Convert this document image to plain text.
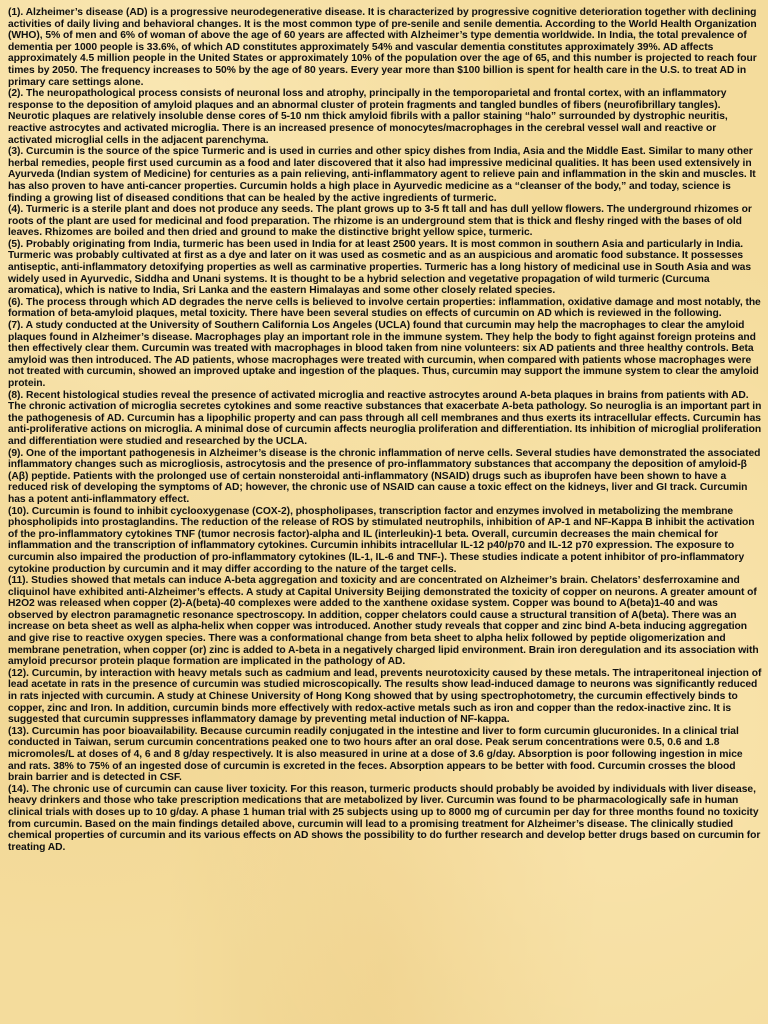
(1). Alzheimer’s disease (AD) is a progressive neurodegenerative disease. It is characterized by progressive cognitive deterioration together with declining activities of daily living and behavioral changes. It is the most common type of pre-senile and senile dementia. According to the World Health Organization (WHO), 5% of men and 6% of woman of above the age of 60 years are affected with Alzheimer’s type dementia worldwide. In India, the total prevalence of dementia per 1000 people is 33.6%, of which AD constitutes approximately 54% and vascular dementia constitutes approximately 39%. AD affects approximately 4.5 million people in the United States or approximately 10% of the population over the age of 65, and this number is projected to reach four times by 2050. The frequency increases to 50% by the age of 80 years. Every year more than $100 billion is spent for health care in the U.S. to treat AD in primary care settings alone.

(2). The neuropathological process consists of neuronal loss and atrophy, principally in the temporoparietal and frontal cortex, with an inflammatory response to the deposition of amyloid plaques and an abnormal cluster of protein fragments and tangled bundles of fibers (neurofibrillary tangles). Neurotic plaques are relatively insoluble dense cores of 5-10 nm thick amyloid fibrils with a pallor staining “halo” surrounded by dystrophic neuritis, reactive astrocytes and activated microglia. There is an increased presence of monocytes/macrophages in the cerebral vessel wall and reactive or activated microglial cells in the adjacent parenchyma.

(3). Curcumin is the source of the spice Turmeric and is used in curries and other spicy dishes from India, Asia and the Middle East. Similar to many other herbal remedies, people first used curcumin as a food and later discovered that it also had impressive medicinal qualities. It has been used extensively in Ayurveda (Indian system of Medicine) for centuries as a pain relieving, anti-inflammatory agent to relieve pain and inflammation in the skin and muscles. It has also proven to have anti-cancer properties. Curcumin holds a high place in Ayurvedic medicine as a “cleanser of the body,” and today, science is finding a growing list of diseased conditions that can be healed by the active ingredients of turmeric.

(4). Turmeric is a sterile plant and does not produce any seeds. The plant grows up to 3-5 ft tall and has dull yellow flowers. The underground rhizomes or roots of the plant are used for medicinal and food preparation. The rhizome is an underground stem that is thick and fleshy ringed with the bases of old leaves. Rhizomes are boiled and then dried and ground to make the distinctive bright yellow spice, turmeric.

(5). Probably originating from India, turmeric has been used in India for at least 2500 years. It is most common in southern Asia and particularly in India. Turmeric was probably cultivated at first as a dye and later on it was used as cosmetic and as an auspicious and aromatic food substance. It possesses antiseptic, anti-inflammatory detoxifying properties as well as carminative properties. Turmeric has a long history of medicinal use in South Asia and was widely used in Ayurvedic, Siddha and Unani systems. It is thought to be a hybrid selection and vegetative propagation of wild turmeric (Curcuma aromatica), which is native to India, Sri Lanka and the eastern Himalayas and some other closely related species.

(6). The process through which AD degrades the nerve cells is believed to involve certain properties: inflammation, oxidative damage and most notably, the formation of beta-amyloid plaques, metal toxicity. There have been several studies on effects of curcumin on AD which is reviewed in the following.

(7). A study conducted at the University of Southern California Los Angeles (UCLA) found that curcumin may help the macrophages to clear the amyloid plaques found in Alzheimer’s disease. Macrophages play an important role in the immune system. They help the body to fight against foreign proteins and then effectively clear them. Curcumin was treated with macrophages in blood taken from nine volunteers: six AD patients and three healthy controls. Beta amyloid was then introduced. The AD patients, whose macrophages were treated with curcumin, when compared with patients whose macrophages were not treated with curcumin, showed an improved uptake and ingestion of the plaques. Thus, curcumin may support the immune system to clear the amyloid protein.

(8). Recent histological studies reveal the presence of activated microglia and reactive astrocytes around A-beta plaques in brains from patients with AD. The chronic activation of microglia secretes cytokines and some reactive substances that exacerbate A-beta pathology. So neuroglia is an important part in the pathogenesis of AD. Curcumin has a lipophilic property and can pass through all cell membranes and thus exerts its intracellular effects. Curcumin has anti-proliferative actions on microglia. A minimal dose of curcumin affects neuroglia proliferation and differentiation. Its inhibition of microglial proliferation and differentiation were studied and researched by the UCLA.

(9). One of the important pathogenesis in Alzheimer’s disease is the chronic inflammation of nerve cells. Several studies have demonstrated the associated inflammatory changes such as microgliosis, astrocytosis and the presence of pro-inflammatory substances that accompany the deposition of amyloid-β (Aβ) peptide. Patients with the prolonged use of certain nonsteroidal anti-inflammatory (NSAID) drugs such as ibuprofen have been shown to have a reduced risk of developing the symptoms of AD; however, the chronic use of NSAID can cause a toxic effect on the kidneys, liver and GI track. Curcumin has a potent anti-inflammatory effect.

(10). Curcumin is found to inhibit cyclooxygenase (COX-2), phospholipases, transcription factor and enzymes involved in metabolizing the membrane phospholipids into prostaglandins. The reduction of the release of ROS by stimulated neutrophils, inhibition of AP-1 and NF-Kappa B inhibit the activation of the pro-inflammatory cytokines TNF (tumor necrosis factor)-alpha and IL (interleukin)-1 beta. Overall, curcumin decreases the main chemical for inflammation and the transcription of inflammatory cytokines. Curcumin inhibits intracellular IL-12 p40/p70 and IL-12 p70 expression. The exposure to curcumin also impaired the production of pro-inflammatory cytokines (IL-1, IL-6 and TNF-). These studies indicate a potent inhibitor of pro-inflammatory cytokine production by curcumin and it may differ according to the nature of the target cells.

(11). Studies showed that metals can induce A-beta aggregation and toxicity and are concentrated on Alzheimer’s brain. Chelators’ desferroxamine and cliquinol have exhibited anti-Alzheimer’s effects. A study at Capital University Beijing demonstrated the toxicity of copper on neurons. A greater amount of H2O2 was released when copper (2)-A(beta)-40 complexes were added to the xanthene oxidase system. Copper was bound to A(beta)1-40 and was observed by electron paramagnetic resonance spectroscopy. In addition, copper chelators could cause a structural transition of A(beta). There was an increase on beta sheet as well as alpha-helix when copper was introduced. Another study reveals that copper and zinc bind A-beta inducing aggregation and give rise to reactive oxygen species. There was a conformational change from beta sheet to alpha helix followed by peptide oligomerization and membrane penetration, when copper (or) zinc is added to A-beta in a negatively charged lipid environment. Brain iron deregulation and its association with amyloid precursor protein plaque formation are implicated in the pathology of AD.

(12). Curcumin, by interaction with heavy metals such as cadmium and lead, prevents neurotoxicity caused by these metals. The intraperitoneal injection of lead acetate in rats in the presence of curcumin was studied microscopically. The results show lead-induced damage to neurons was significantly reduced in rats injected with curcumin. A study at Chinese University of Hong Kong showed that by using spectrophotometry, the curcumin effectively binds to copper, zinc and Iron. In addition, curcumin binds more effectively with redox-active metals such as iron and copper than the redox-inactive zinc. It is suggested that curcumin suppresses inflammatory damage by preventing metal induction of NF-kappa.

(13). Curcumin has poor bioavailability. Because curcumin readily conjugated in the intestine and liver to form curcumin glucuronides. In a clinical trial conducted in Taiwan, serum curcumin concentrations peaked one to two hours after an oral dose. Peak serum concentrations were 0.5, 0.6 and 1.8 micromoles/L at doses of 4, 6 and 8 g/day respectively. It is also measured in urine at a dose of 3.6 g/day. Absorption is poor following ingestion in mice and rats. 38% to 75% of an ingested dose of curcumin is excreted in the feces. Absorption appears to be better with food. Curcumin crosses the blood brain barrier and is detected in CSF.

(14). The chronic use of curcumin can cause liver toxicity. For this reason, turmeric products should probably be avoided by individuals with liver disease, heavy drinkers and those who take prescription medications that are metabolized by liver. Curcumin was found to be pharmacologically safe in human clinical trials with doses up to 10 g/day. A phase 1 human trial with 25 subjects using up to 8000 mg of curcumin per day for three months found no toxicity from curcumin. Based on the main findings detailed above, curcumin will lead to a promising treatment for Alzheimer’s disease. The clinically studied chemical properties of curcumin and its various effects on AD shows the possibility to do further research and develop better drugs based on curcumin for treating AD.
